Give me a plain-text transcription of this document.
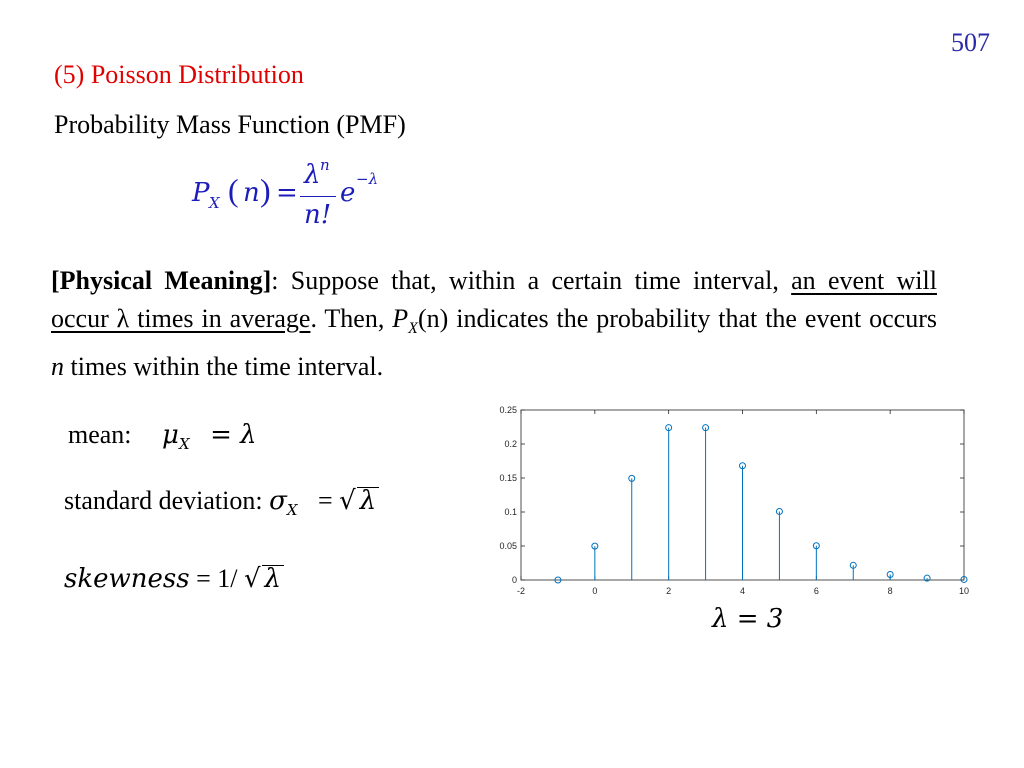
507
(5) Poisson Distribution
Probability Mass Function (PMF)
P X ( n ) =
λ n
n!
e −λ
[Physical Meaning]: Suppose that, within a certain time interval, an event will occur λ times in average. Then, $P_X(n)$ indicates the probability that the event occurs n times within the time interval.
mean: $\mu_X = \lambda$
standard deviation: $\sigma_X$ = √ λ
skewness = 1/ √ λ	-2	0	2	4	6	8	10
0
0.05
0.1
0.15
0.2
0.25
λ = 3
